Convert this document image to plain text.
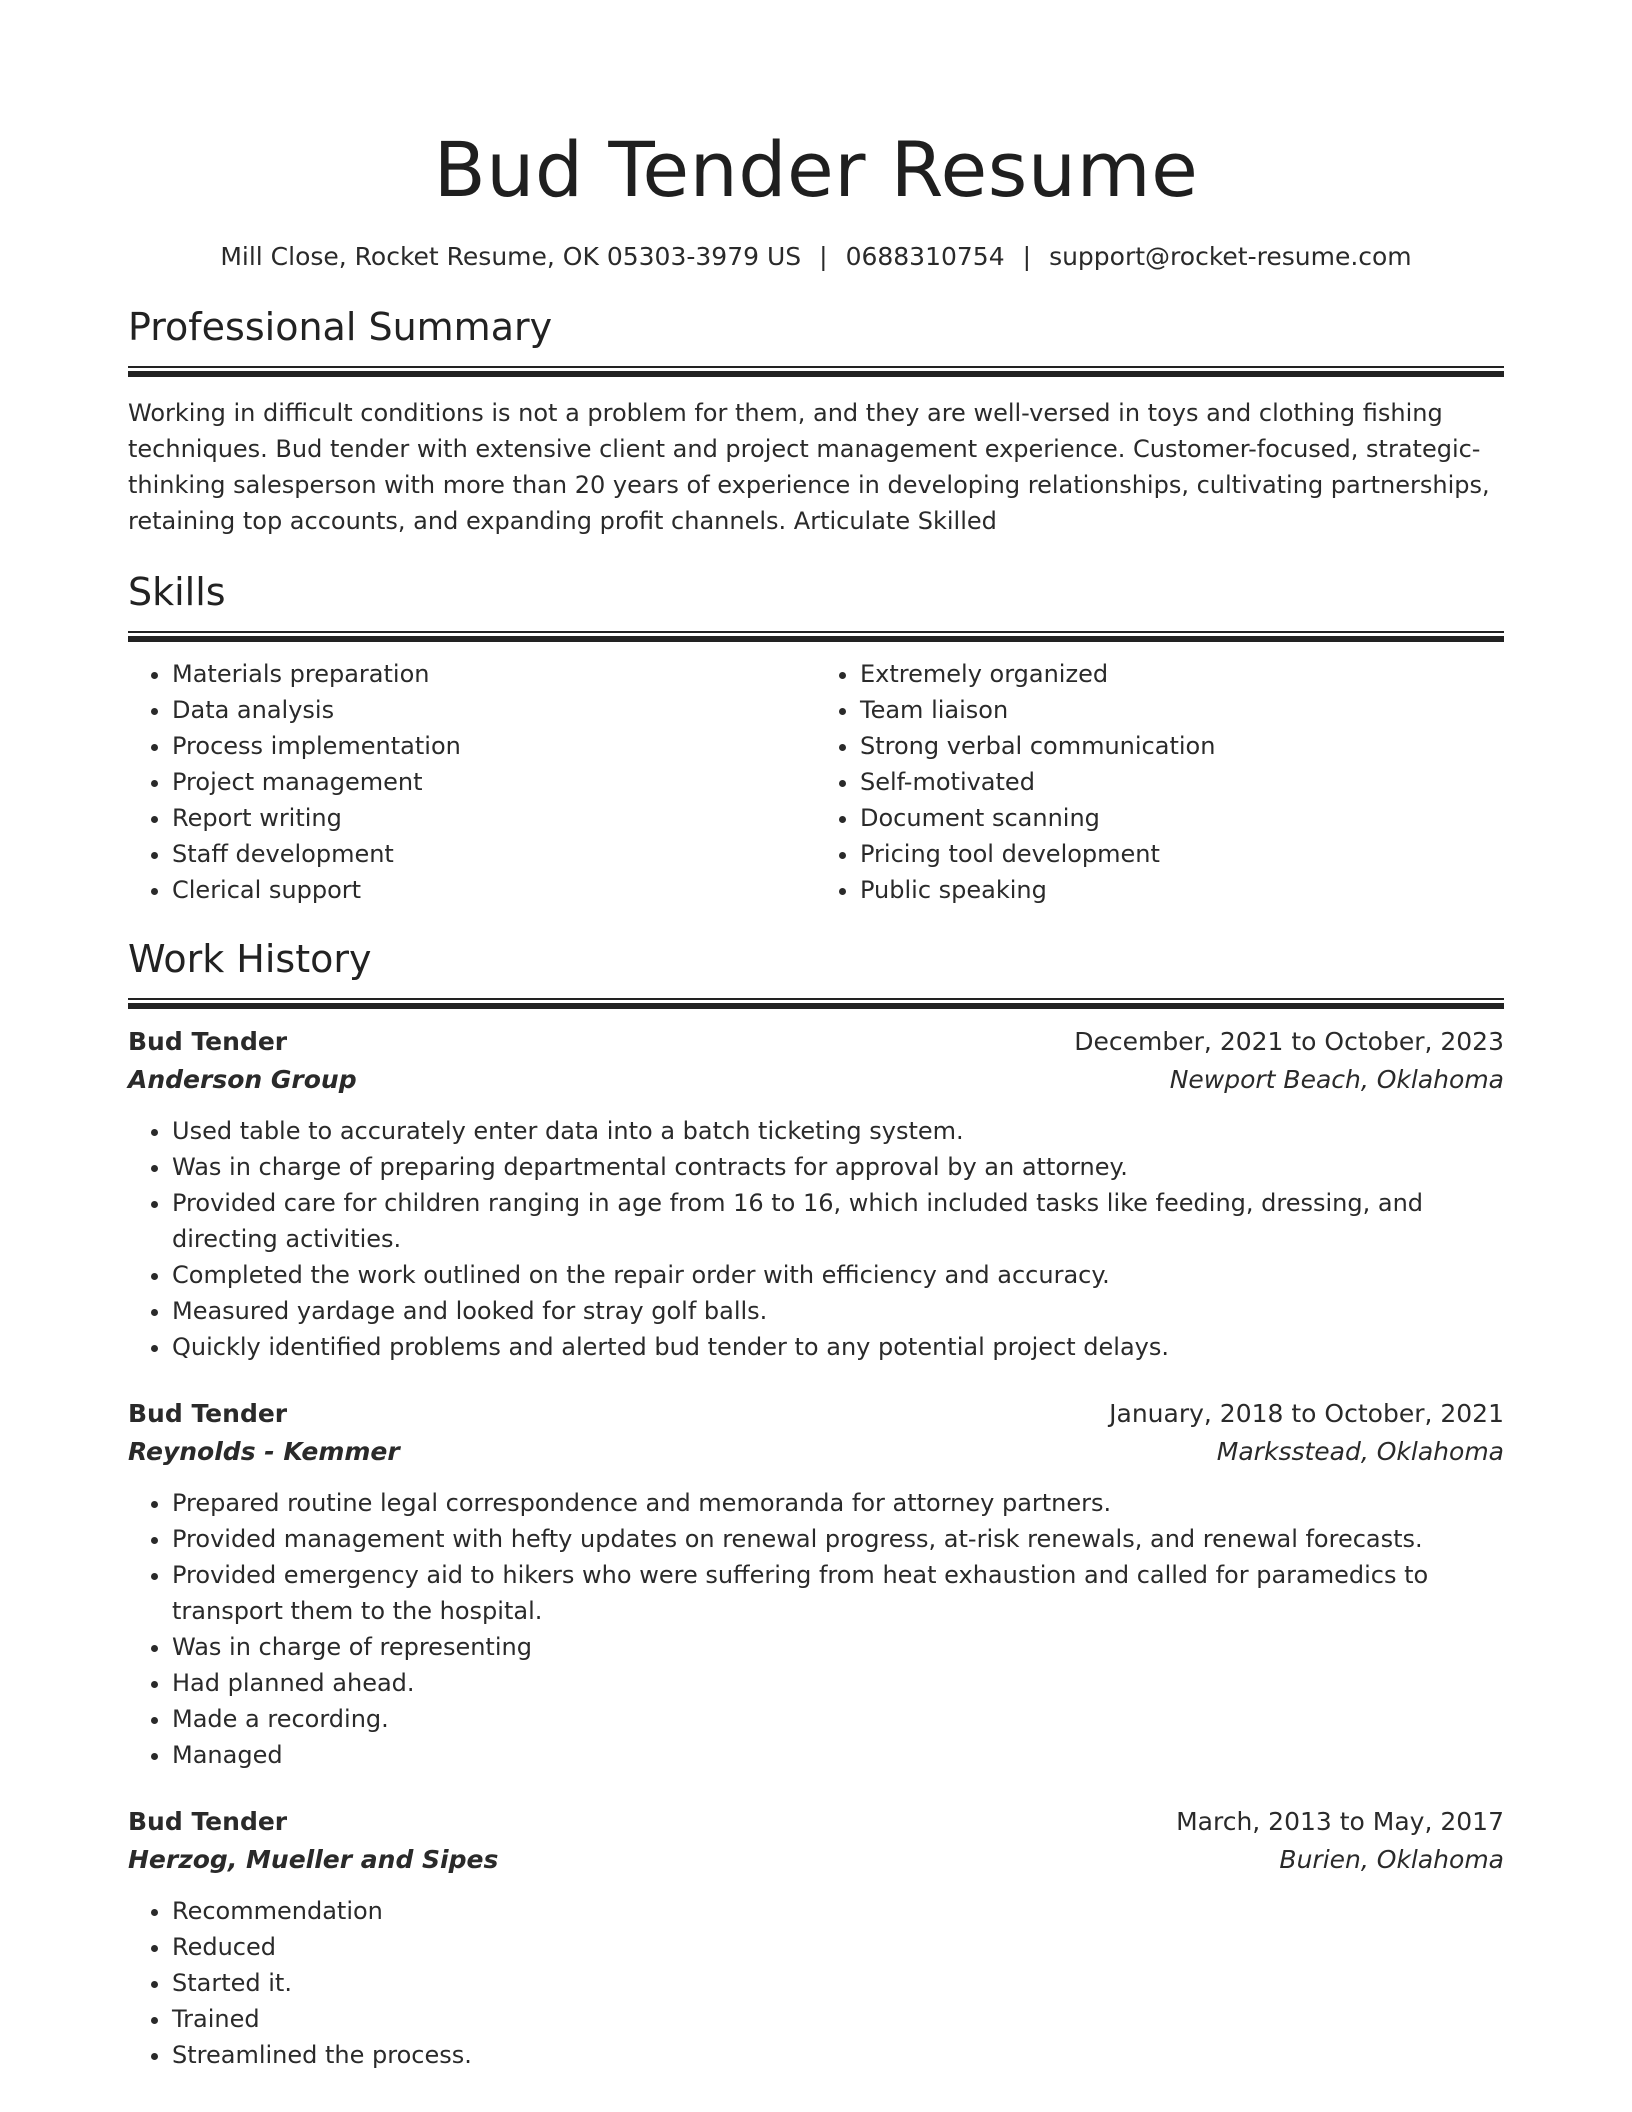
Bud Tender Resume
Mill Close, Rocket Resume, OK 05303-3979 US | 0688310754 | support@rocket-resume.com
Professional Summary
Working in difficult conditions is not a problem for them, and they are well-versed in toys and clothing fishing techniques. Bud tender with extensive client and project management experience. Customer-focused, strategic-thinking salesperson with more than 20 years of experience in developing relationships, cultivating partnerships, retaining top accounts, and expanding profit channels. Articulate Skilled
Skills
• Materials preparation
• Data analysis
• Process implementation
• Project management
• Report writing
• Staff development
• Clerical support
• Extremely organized
• Team liaison
• Strong verbal communication
• Self-motivated
• Document scanning
• Pricing tool development
• Public speaking
Work History
Bud Tender	December, 2021 to October, 2023
Anderson Group	Newport Beach, Oklahoma
• Used table to accurately enter data into a batch ticketing system.
• Was in charge of preparing departmental contracts for approval by an attorney.
• Provided care for children ranging in age from 16 to 16, which included tasks like feeding, dressing, and directing activities.
• Completed the work outlined on the repair order with efficiency and accuracy.
• Measured yardage and looked for stray golf balls.
• Quickly identified problems and alerted bud tender to any potential project delays.
Bud Tender	January, 2018 to October, 2021
Reynolds - Kemmer	Marksstead, Oklahoma
• Prepared routine legal correspondence and memoranda for attorney partners.
• Provided management with hefty updates on renewal progress, at-risk renewals, and renewal forecasts.
• Provided emergency aid to hikers who were suffering from heat exhaustion and called for paramedics to transport them to the hospital.
• Was in charge of representing
• Had planned ahead.
• Made a recording.
• Managed
Bud Tender	March, 2013 to May, 2017
Herzog, Mueller and Sipes	Burien, Oklahoma
• Recommendation
• Reduced
• Started it.
• Trained
• Streamlined the process.
